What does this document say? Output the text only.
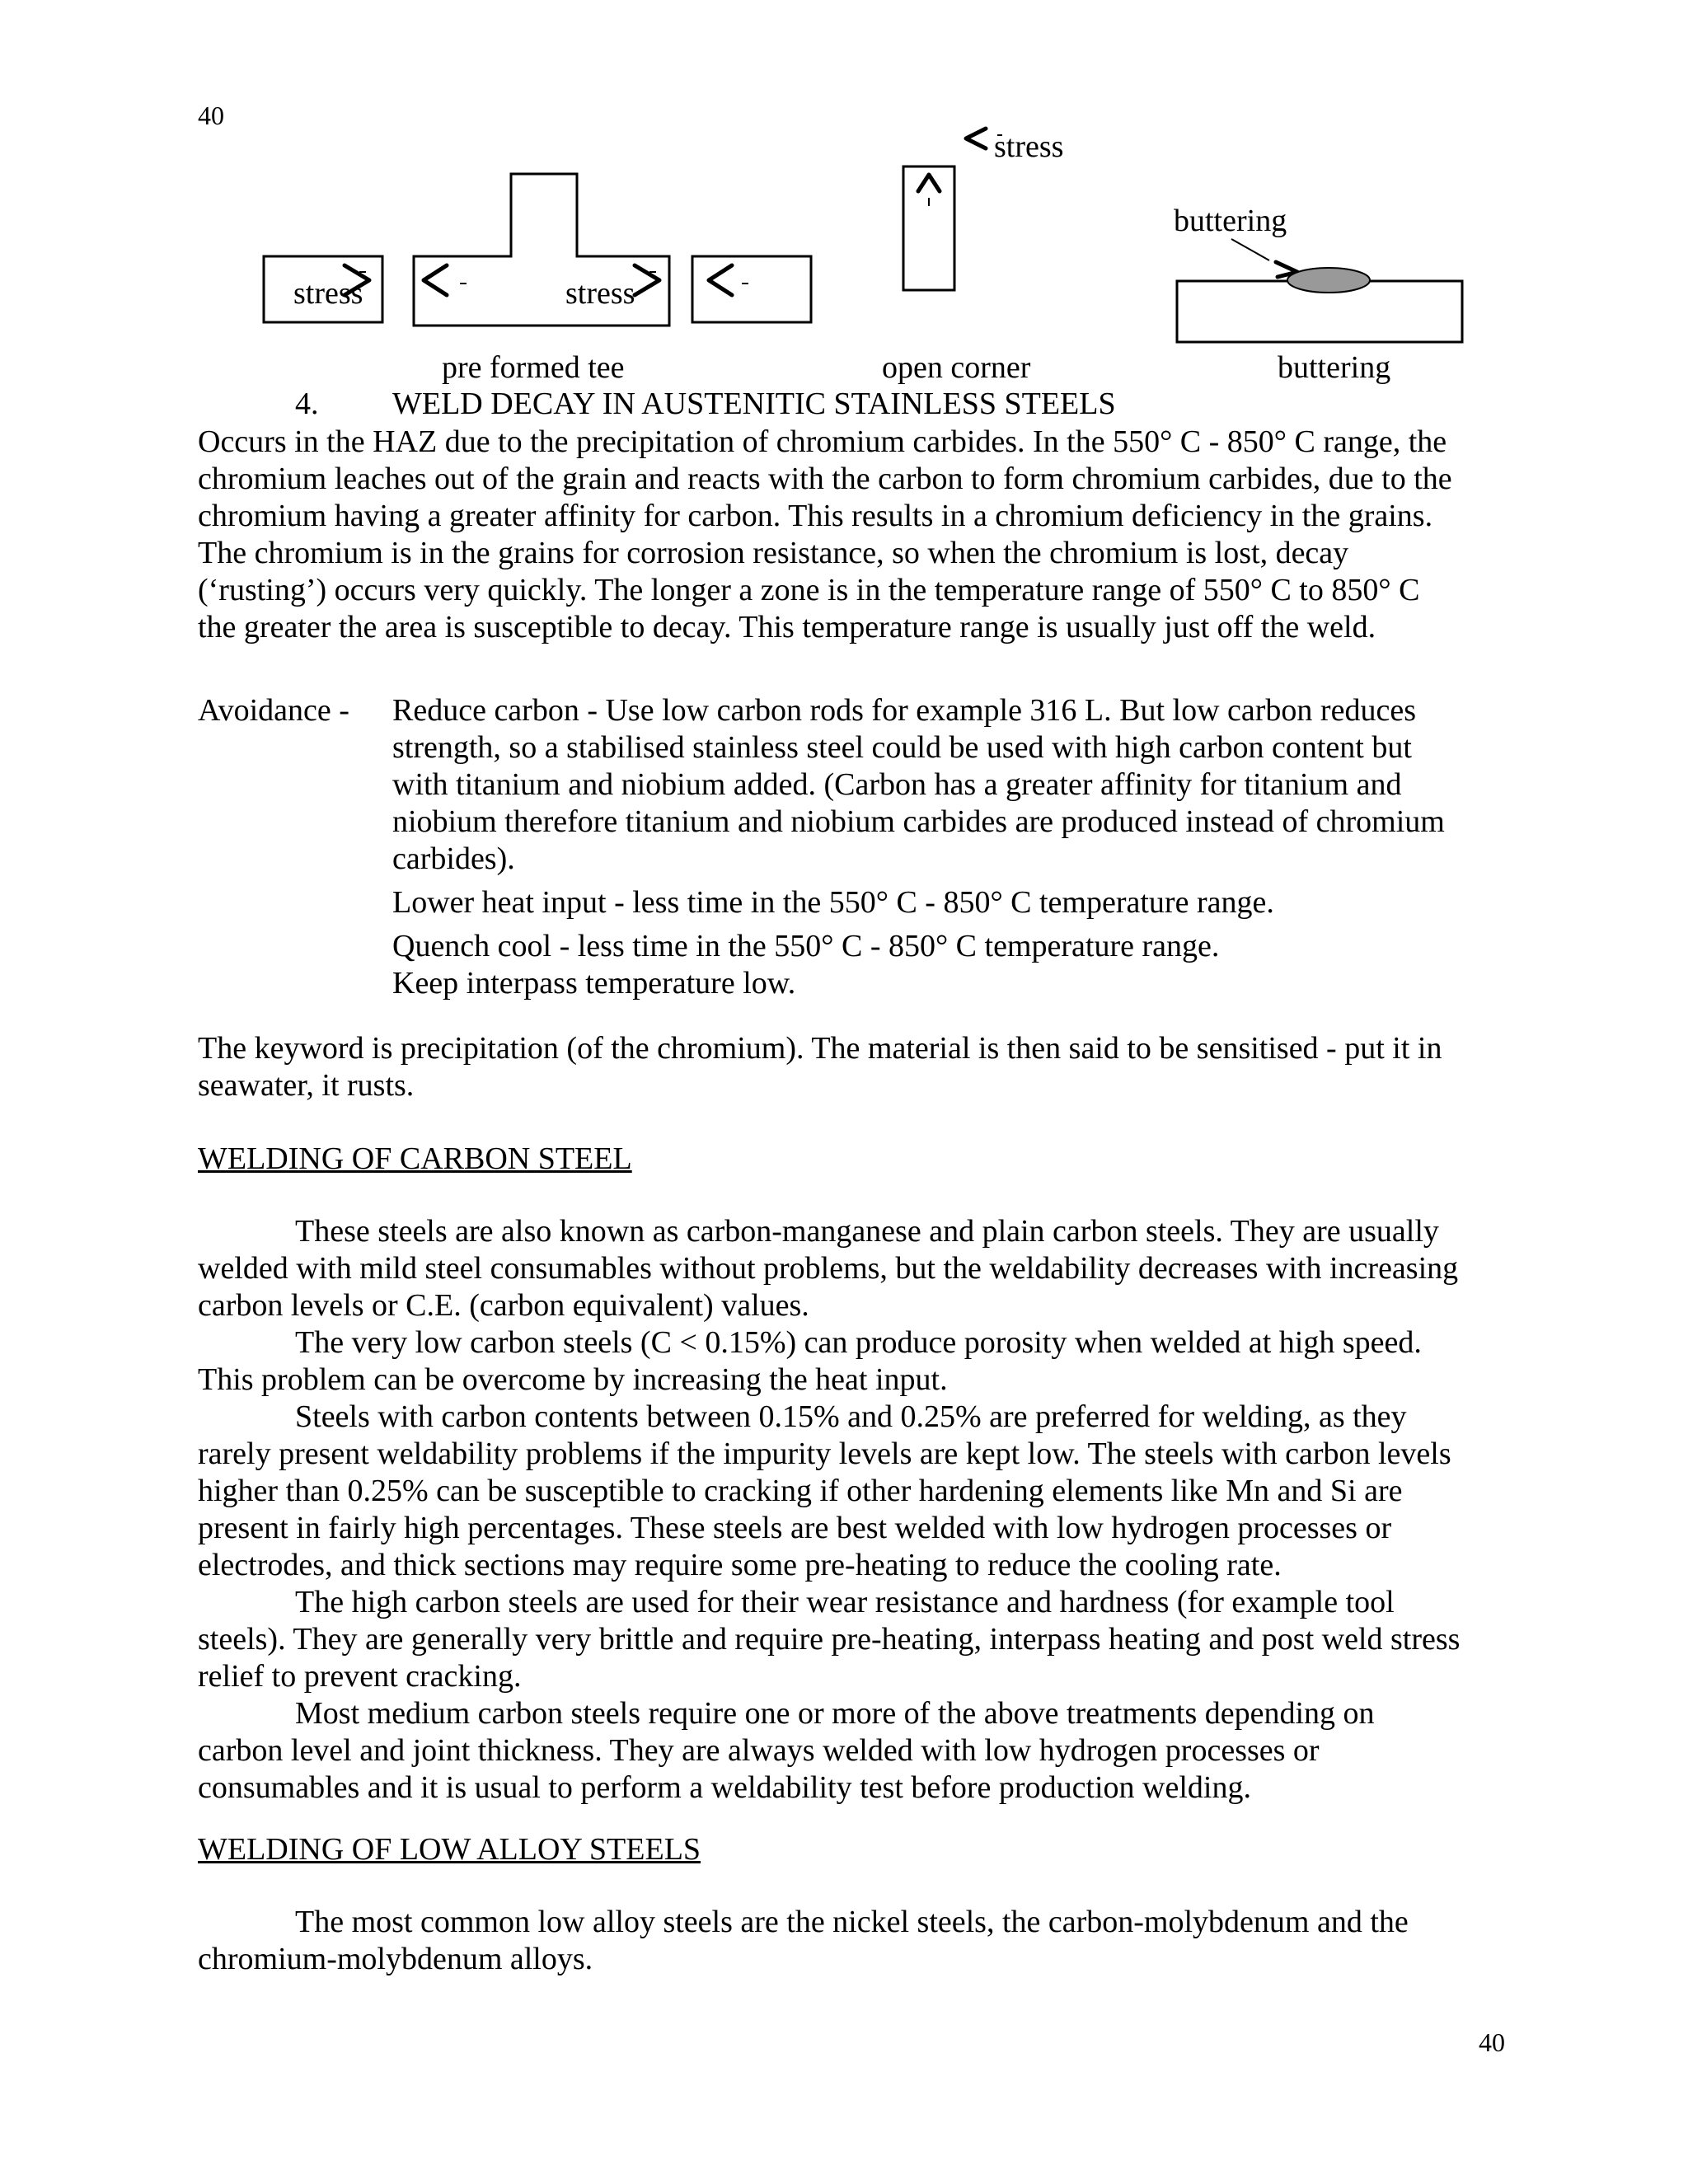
40
stress	stress
stress
buttering
pre formed tee	open corner	buttering
4. WELD DECAY IN AUSTENITIC STAINLESS STEELS
Occurs in the HAZ due to the precipitation of chromium carbides. In the 550° C - 850° C range, the
chromium leaches out of the grain and reacts with the carbon to form chromium carbides, due to the
chromium having a greater affinity for carbon. This results in a chromium deficiency in the grains.
The chromium is in the grains for corrosion resistance, so when the chromium is lost, decay
(‘rusting’) occurs very quickly. The longer a zone is in the temperature range of 550° C to 850° C
the greater the area is susceptible to decay. This temperature range is usually just off the weld.
Avoidance - Reduce carbon - Use low carbon rods for example 316 L. But low carbon reduces
strength, so a stabilised stainless steel could be used with high carbon content but
with titanium and niobium added. (Carbon has a greater affinity for titanium and
niobium therefore titanium and niobium carbides are produced instead of chromium
carbides).
Lower heat input - less time in the 550° C - 850° C temperature range.
Quench cool - less time in the 550° C - 850° C temperature range.
Keep interpass temperature low.
The keyword is precipitation (of the chromium). The material is then said to be sensitised - put it in
seawater, it rusts.
WELDING OF CARBON STEEL
These steels are also known as carbon-manganese and plain carbon steels. They are usually
welded with mild steel consumables without problems, but the weldability decreases with increasing
carbon levels or C.E. (carbon equivalent) values.
The very low carbon steels (C < 0.15%) can produce porosity when welded at high speed.
This problem can be overcome by increasing the heat input.
Steels with carbon contents between 0.15% and 0.25% are preferred for welding, as they
rarely present weldability problems if the impurity levels are kept low. The steels with carbon levels
higher than 0.25% can be susceptible to cracking if other hardening elements like Mn and Si are
present in fairly high percentages. These steels are best welded with low hydrogen processes or
electrodes, and thick sections may require some pre-heating to reduce the cooling rate.
The high carbon steels are used for their wear resistance and hardness (for example tool
steels). They are generally very brittle and require pre-heating, interpass heating and post weld stress
relief to prevent cracking.
Most medium carbon steels require one or more of the above treatments depending on
carbon level and joint thickness. They are always welded with low hydrogen processes or
consumables and it is usual to perform a weldability test before production welding.
WELDING OF LOW ALLOY STEELS
The most common low alloy steels are the nickel steels, the carbon-molybdenum and the
chromium-molybdenum alloys.
40
